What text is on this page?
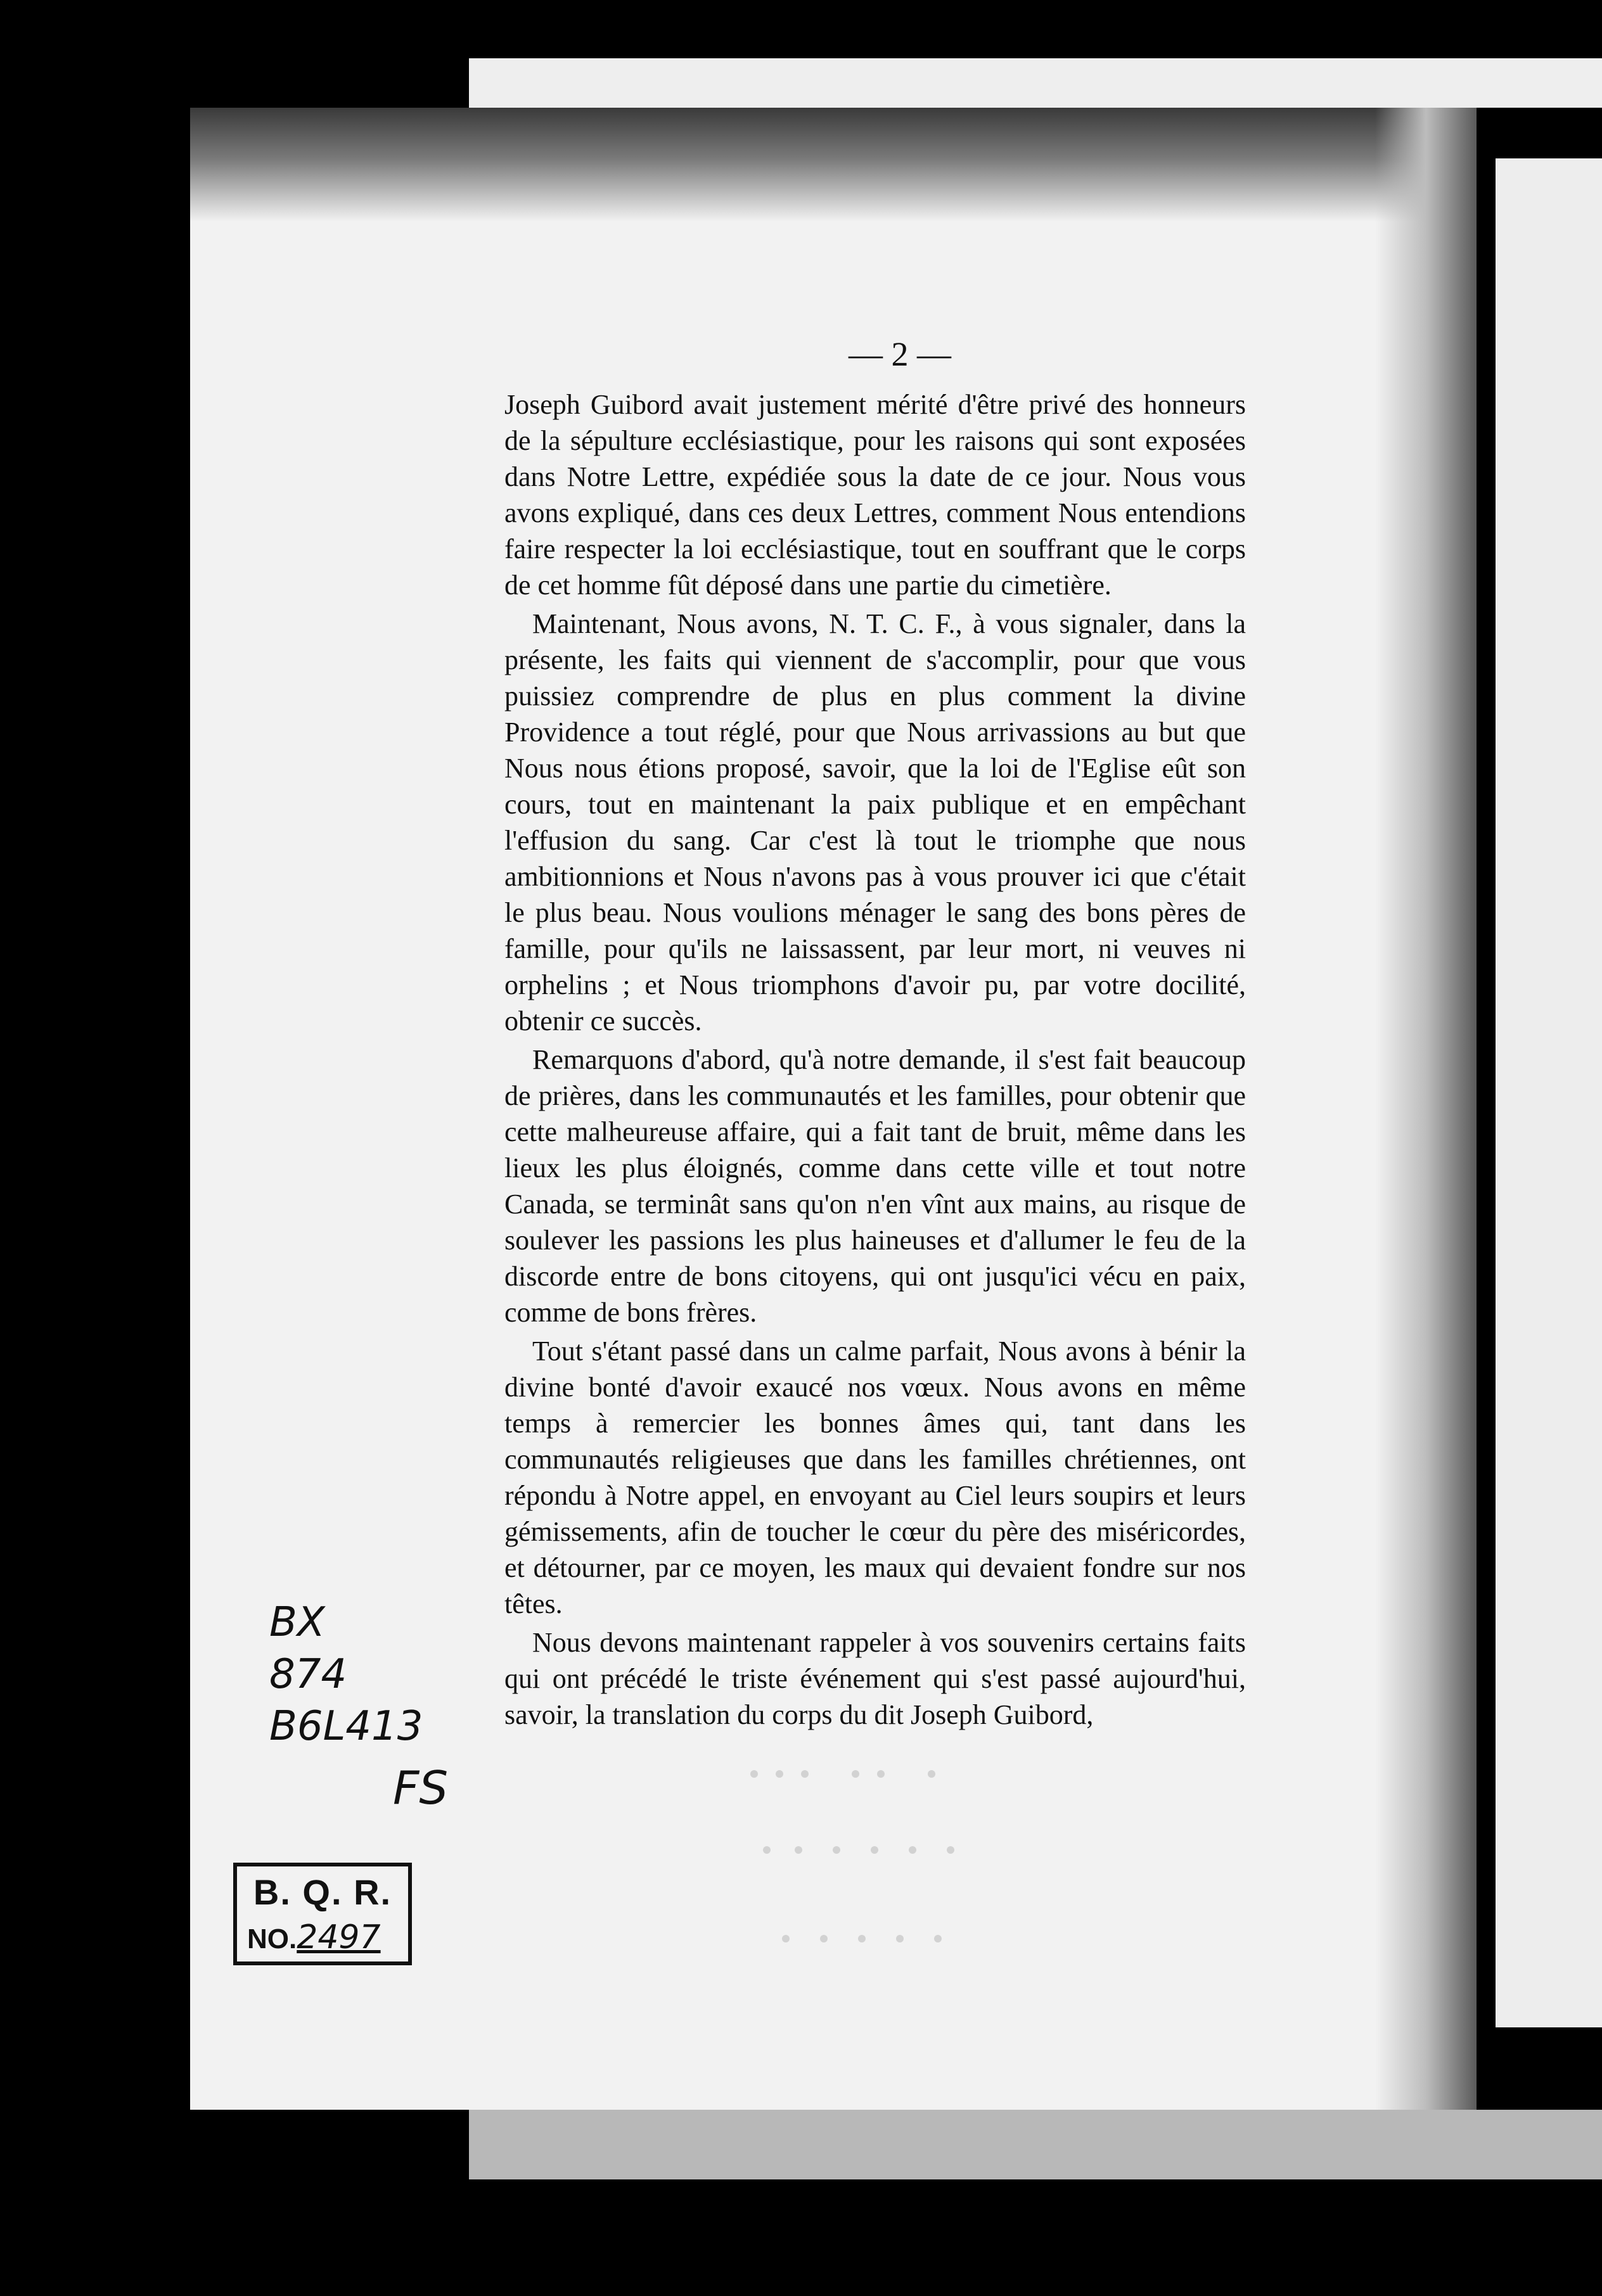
— 2 —

Joseph Guibord avait justement mérité d'être privé des honneurs de la sépulture ecclésiastique, pour les raisons qui sont exposées dans Notre Lettre, expédiée sous la date de ce jour. Nous vous avons expliqué, dans ces deux Lettres, comment Nous entendions faire respecter la loi ecclésiastique, tout en souffrant que le corps de cet homme fût déposé dans une partie du cimetière.

Maintenant, Nous avons, N. T. C. F., à vous signaler, dans la présente, les faits qui viennent de s'accomplir, pour que vous puissiez comprendre de plus en plus comment la divine Providence a tout réglé, pour que Nous arrivassions au but que Nous nous étions proposé, savoir, que la loi de l'Eglise eût son cours, tout en maintenant la paix publique et en empêchant l'effusion du sang. Car c'est là tout le triomphe que nous ambitionnions et Nous n'avons pas à vous prouver ici que c'était le plus beau. Nous voulions ménager le sang des bons pères de famille, pour qu'ils ne laissassent, par leur mort, ni veuves ni orphelins ; et Nous triomphons d'avoir pu, par votre docilité, obtenir ce succès.

Remarquons d'abord, qu'à notre demande, il s'est fait beaucoup de prières, dans les communautés et les familles, pour obtenir que cette malheureuse affaire, qui a fait tant de bruit, même dans les lieux les plus éloignés, comme dans cette ville et tout notre Canada, se terminât sans qu'on n'en vînt aux mains, au risque de soulever les passions les plus haineuses et d'allumer le feu de la discorde entre de bons citoyens, qui ont jusqu'ici vécu en paix, comme de bons frères.

Tout s'étant passé dans un calme parfait, Nous avons à bénir la divine bonté d'avoir exaucé nos vœux. Nous avons en même temps à remercier les bonnes âmes qui, tant dans les communautés religieuses que dans les familles chrétiennes, ont répondu à Notre appel, en envoyant au Ciel leurs soupirs et leurs gémissements, afin de toucher le cœur du père des miséricordes, et détourner, par ce moyen, les maux qui devaient fondre sur nos têtes.

Nous devons maintenant rappeler à vos souvenirs certains faits qui ont précédé le triste événement qui s'est passé aujourd'hui, savoir, la translation du corps du dit Joseph Guibord,

BX
874
B6L413
FS
B. Q. R.
NO.2497
